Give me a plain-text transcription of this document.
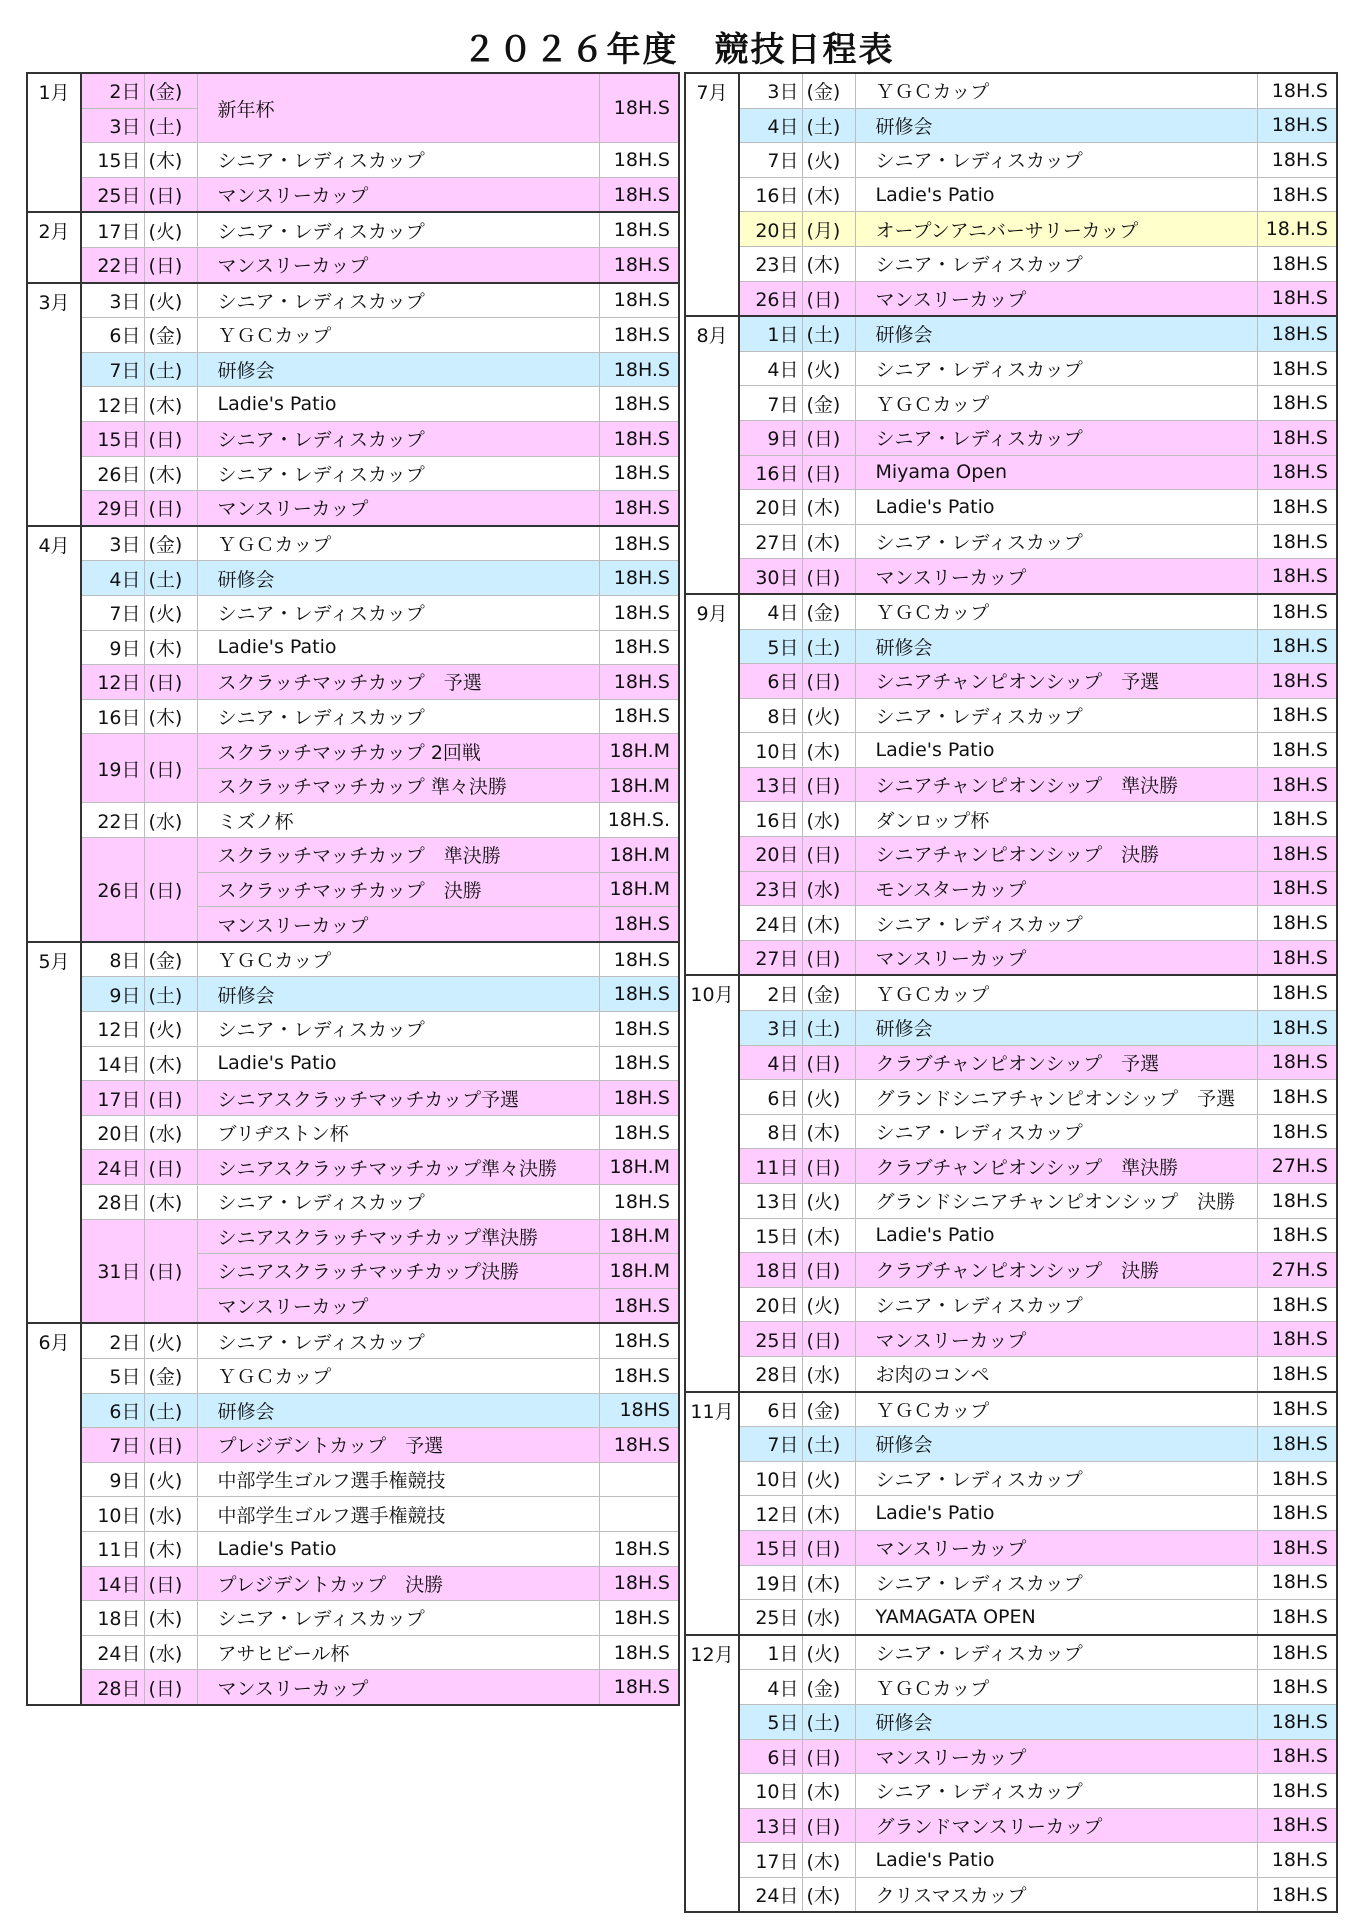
２０２６年度　競技日程表
1月	2日	(金)	新年杯	18H.S
	3日	(土)		
	15日	(木)	シニア・レディスカップ	18H.S
	25日	(日)	マンスリーカップ	18H.S
2月	17日	(火)	シニア・レディスカップ	18H.S
	22日	(日)	マンスリーカップ	18H.S
3月	3日	(火)	シニア・レディスカップ	18H.S
	6日	(金)	ＹＧＣカップ	18H.S
	7日	(土)	研修会	18H.S
	12日	(木)	Ladie's Patio	18H.S
	15日	(日)	シニア・レディスカップ	18H.S
	26日	(木)	シニア・レディスカップ	18H.S
	29日	(日)	マンスリーカップ	18H.S
4月	3日	(金)	ＹＧＣカップ	18H.S
	4日	(土)	研修会	18H.S
	7日	(火)	シニア・レディスカップ	18H.S
	9日	(木)	Ladie's Patio	18H.S
	12日	(日)	スクラッチマッチカップ　予選	18H.S
	16日	(木)	シニア・レディスカップ	18H.S
	19日	(日)	スクラッチマッチカップ 2回戦	18H.M
			スクラッチマッチカップ 準々決勝	18H.M
	22日	(水)	ミズノ杯	18H.S.
	26日	(日)	スクラッチマッチカップ　準決勝	18H.M
			スクラッチマッチカップ　決勝	18H.M
			マンスリーカップ	18H.S
5月	8日	(金)	ＹＧＣカップ	18H.S
	9日	(土)	研修会	18H.S
	12日	(火)	シニア・レディスカップ	18H.S
	14日	(木)	Ladie's Patio	18H.S
	17日	(日)	シニアスクラッチマッチカップ予選	18H.S
	20日	(水)	ブリヂストン杯	18H.S
	24日	(日)	シニアスクラッチマッチカップ準々決勝	18H.M
	28日	(木)	シニア・レディスカップ	18H.S
	31日	(日)	シニアスクラッチマッチカップ準決勝	18H.M
			シニアスクラッチマッチカップ決勝	18H.M
			マンスリーカップ	18H.S
6月	2日	(火)	シニア・レディスカップ	18H.S
	5日	(金)	ＹＧＣカップ	18H.S
	6日	(土)	研修会	18HS
	7日	(日)	プレジデントカップ　予選	18H.S
	9日	(火)	中部学生ゴルフ選手権競技	
	10日	(水)	中部学生ゴルフ選手権競技	
	11日	(木)	Ladie's Patio	18H.S
	14日	(日)	プレジデントカップ　決勝	18H.S
	18日	(木)	シニア・レディスカップ	18H.S
	24日	(水)	アサヒビール杯	18H.S
	28日	(日)	マンスリーカップ	18H.S
7月	3日	(金)	ＹＧＣカップ	18H.S
	4日	(土)	研修会	18H.S
	7日	(火)	シニア・レディスカップ	18H.S
	16日	(木)	Ladie's Patio	18H.S
	20日	(月)	オープンアニバーサリーカップ	18.H.S
	23日	(木)	シニア・レディスカップ	18H.S
	26日	(日)	マンスリーカップ	18H.S
8月	1日	(土)	研修会	18H.S
	4日	(火)	シニア・レディスカップ	18H.S
	7日	(金)	ＹＧＣカップ	18H.S
	9日	(日)	シニア・レディスカップ	18H.S
	16日	(日)	Miyama Open	18H.S
	20日	(木)	Ladie's Patio	18H.S
	27日	(木)	シニア・レディスカップ	18H.S
	30日	(日)	マンスリーカップ	18H.S
9月	4日	(金)	ＹＧＣカップ	18H.S
	5日	(土)	研修会	18H.S
	6日	(日)	シニアチャンピオンシップ　予選	18H.S
	8日	(火)	シニア・レディスカップ	18H.S
	10日	(木)	Ladie's Patio	18H.S
	13日	(日)	シニアチャンピオンシップ　準決勝	18H.S
	16日	(水)	ダンロップ杯	18H.S
	20日	(日)	シニアチャンピオンシップ　決勝	18H.S
	23日	(水)	モンスターカップ	18H.S
	24日	(木)	シニア・レディスカップ	18H.S
	27日	(日)	マンスリーカップ	18H.S
10月	2日	(金)	ＹＧＣカップ	18H.S
	3日	(土)	研修会	18H.S
	4日	(日)	クラブチャンピオンシップ　予選	18H.S
	6日	(火)	グランドシニアチャンピオンシップ　予選	18H.S
	8日	(木)	シニア・レディスカップ	18H.S
	11日	(日)	クラブチャンピオンシップ　準決勝	27H.S
	13日	(火)	グランドシニアチャンピオンシップ　決勝	18H.S
	15日	(木)	Ladie's Patio	18H.S
	18日	(日)	クラブチャンピオンシップ　決勝	27H.S
	20日	(火)	シニア・レディスカップ	18H.S
	25日	(日)	マンスリーカップ	18H.S
	28日	(水)	お肉のコンペ	18H.S
11月	6日	(金)	ＹＧＣカップ	18H.S
	7日	(土)	研修会	18H.S
	10日	(火)	シニア・レディスカップ	18H.S
	12日	(木)	Ladie's Patio	18H.S
	15日	(日)	マンスリーカップ	18H.S
	19日	(木)	シニア・レディスカップ	18H.S
	25日	(水)	YAMAGATA OPEN	18H.S
12月	1日	(火)	シニア・レディスカップ	18H.S
	4日	(金)	ＹＧＣカップ	18H.S
	5日	(土)	研修会	18H.S
	6日	(日)	マンスリーカップ	18H.S
	10日	(木)	シニア・レディスカップ	18H.S
	13日	(日)	グランドマンスリーカップ	18H.S
	17日	(木)	Ladie's Patio	18H.S
	24日	(木)	クリスマスカップ	18H.S
